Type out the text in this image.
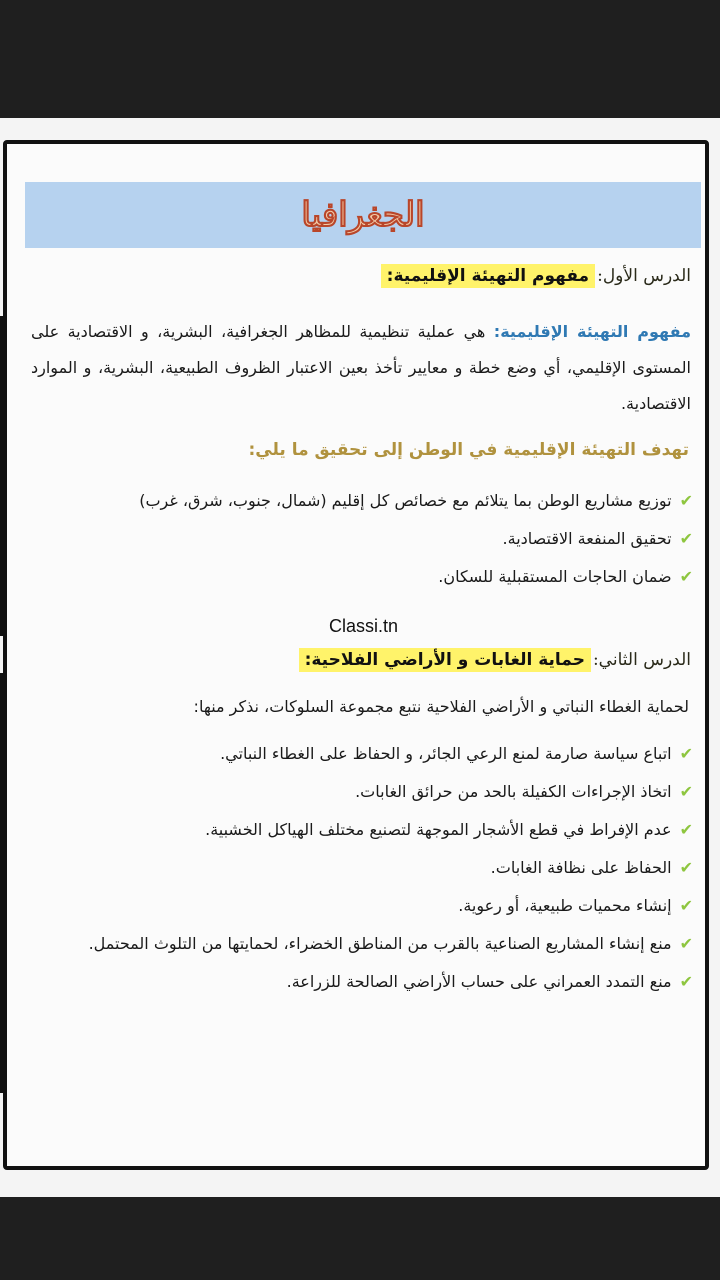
الجغرافيا
الدرس الأول:
مفهوم التهيئة الإقليمية:
مفهوم التهيئة الإقليمية: هي عملية تنظيمية للمظاهر الجغرافية، البشرية، و الاقتصادية على المستوى الإقليمي، أي وضع خطة و معايير تأخذ بعين الاعتبار الظروف الطبيعية، البشرية، و الموارد الاقتصادية.
تهدف التهيئة الإقليمية في الوطن إلى تحقيق ما يلي:
✔
توزيع مشاريع الوطن بما يتلائم مع خصائص كل إقليم (شمال، جنوب، شرق، غرب)
✔
تحقيق المنفعة الاقتصادية.
✔
ضمان الحاجات المستقبلية للسكان.
Classi.tn
الدرس الثاني:
حماية الغابات و الأراضي الفلاحية:
لحماية الغطاء النباتي و الأراضي الفلاحية نتبع مجموعة السلوكات، نذكر منها:
✔
اتباع سياسة صارمة لمنع الرعي الجائر، و الحفاظ على الغطاء النباتي.
✔
اتخاذ الإجراءات الكفيلة بالحد من حرائق الغابات.
✔
عدم الإفراط في قطع الأشجار الموجهة لتصنيع مختلف الهياكل الخشبية.
✔
الحفاظ على نظافة الغابات.
✔
إنشاء محميات طبيعية، أو رعوية.
✔
منع إنشاء المشاريع الصناعية بالقرب من المناطق الخضراء، لحمايتها من التلوث المحتمل.
✔
منع التمدد العمراني على حساب الأراضي الصالحة للزراعة.
